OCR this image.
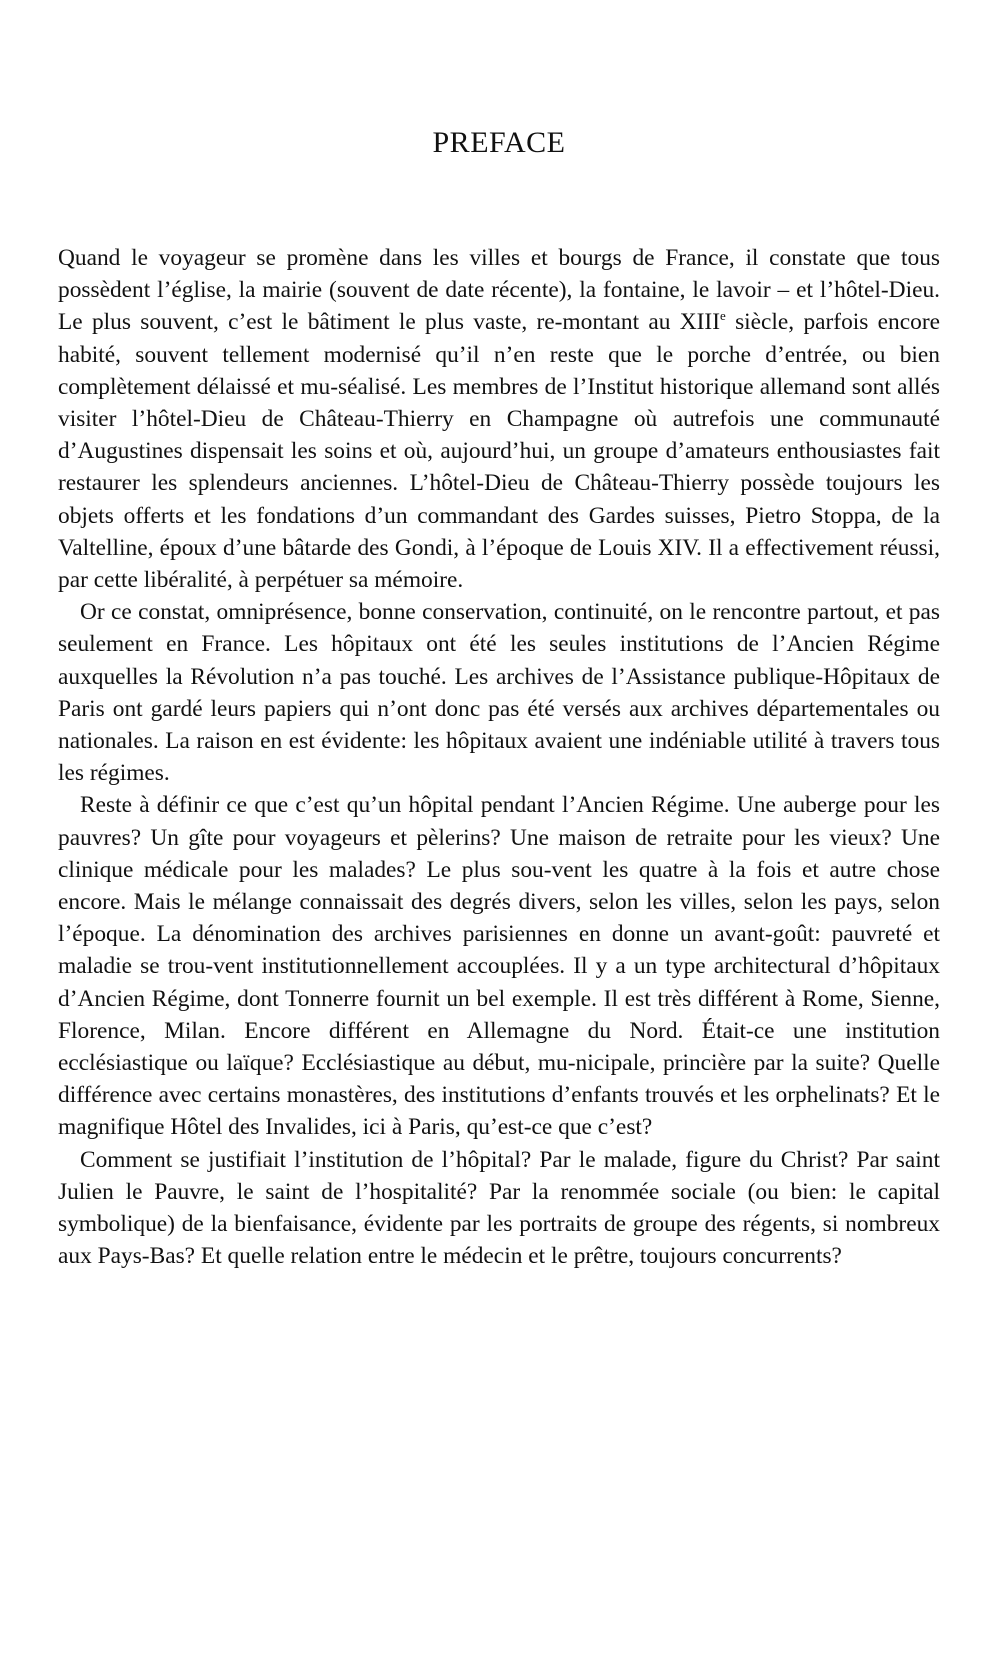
PREFACE

Quand le voyageur se promène dans les villes et bourgs de France, il constate que tous possèdent l’église, la mairie (souvent de date récente), la fontaine, le lavoir – et l’hôtel-Dieu. Le plus souvent, c’est le bâtiment le plus vaste, re-montant au XIIIe siècle, parfois encore habité, souvent tellement modernisé qu’il n’en reste que le porche d’entrée, ou bien complètement délaissé et mu-séalisé. Les membres de l’Institut historique allemand sont allés visiter l’hôtel-Dieu de Château-Thierry en Champagne où autrefois une communauté d’Augustines dispensait les soins et où, aujourd’hui, un groupe d’amateurs enthousiastes fait restaurer les splendeurs anciennes. L’hôtel-Dieu de Château-Thierry possède toujours les objets offerts et les fondations d’un commandant des Gardes suisses, Pietro Stoppa, de la Valtelline, époux d’une bâtarde des Gondi, à l’époque de Louis XIV. Il a effectivement réussi, par cette libéralité, à perpétuer sa mémoire.

Or ce constat, omniprésence, bonne conservation, continuité, on le rencontre partout, et pas seulement en France. Les hôpitaux ont été les seules institutions de l’Ancien Régime auxquelles la Révolution n’a pas touché. Les archives de l’Assistance publique-Hôpitaux de Paris ont gardé leurs papiers qui n’ont donc pas été versés aux archives départementales ou nationales. La raison en est évidente: les hôpitaux avaient une indéniable utilité à travers tous les régimes.

Reste à définir ce que c’est qu’un hôpital pendant l’Ancien Régime. Une auberge pour les pauvres? Un gîte pour voyageurs et pèlerins? Une maison de retraite pour les vieux? Une clinique médicale pour les malades? Le plus sou-vent les quatre à la fois et autre chose encore. Mais le mélange connaissait des degrés divers, selon les villes, selon les pays, selon l’époque. La dénomination des archives parisiennes en donne un avant-goût: pauvreté et maladie se trou-vent institutionnellement accouplées. Il y a un type architectural d’hôpitaux d’Ancien Régime, dont Tonnerre fournit un bel exemple. Il est très différent à Rome, Sienne, Florence, Milan. Encore différent en Allemagne du Nord. Était-ce une institution ecclésiastique ou laïque? Ecclésiastique au début, mu-nicipale, princière par la suite? Quelle différence avec certains monastères, des institutions d’enfants trouvés et les orphelinats? Et le magnifique Hôtel des Invalides, ici à Paris, qu’est-ce que c’est?

Comment se justifiait l’institution de l’hôpital? Par le malade, figure du Christ? Par saint Julien le Pauvre, le saint de l’hospitalité? Par la renommée sociale (ou bien: le capital symbolique) de la bienfaisance, évidente par les portraits de groupe des régents, si nombreux aux Pays-Bas? Et quelle relation entre le médecin et le prêtre, toujours concurrents?
